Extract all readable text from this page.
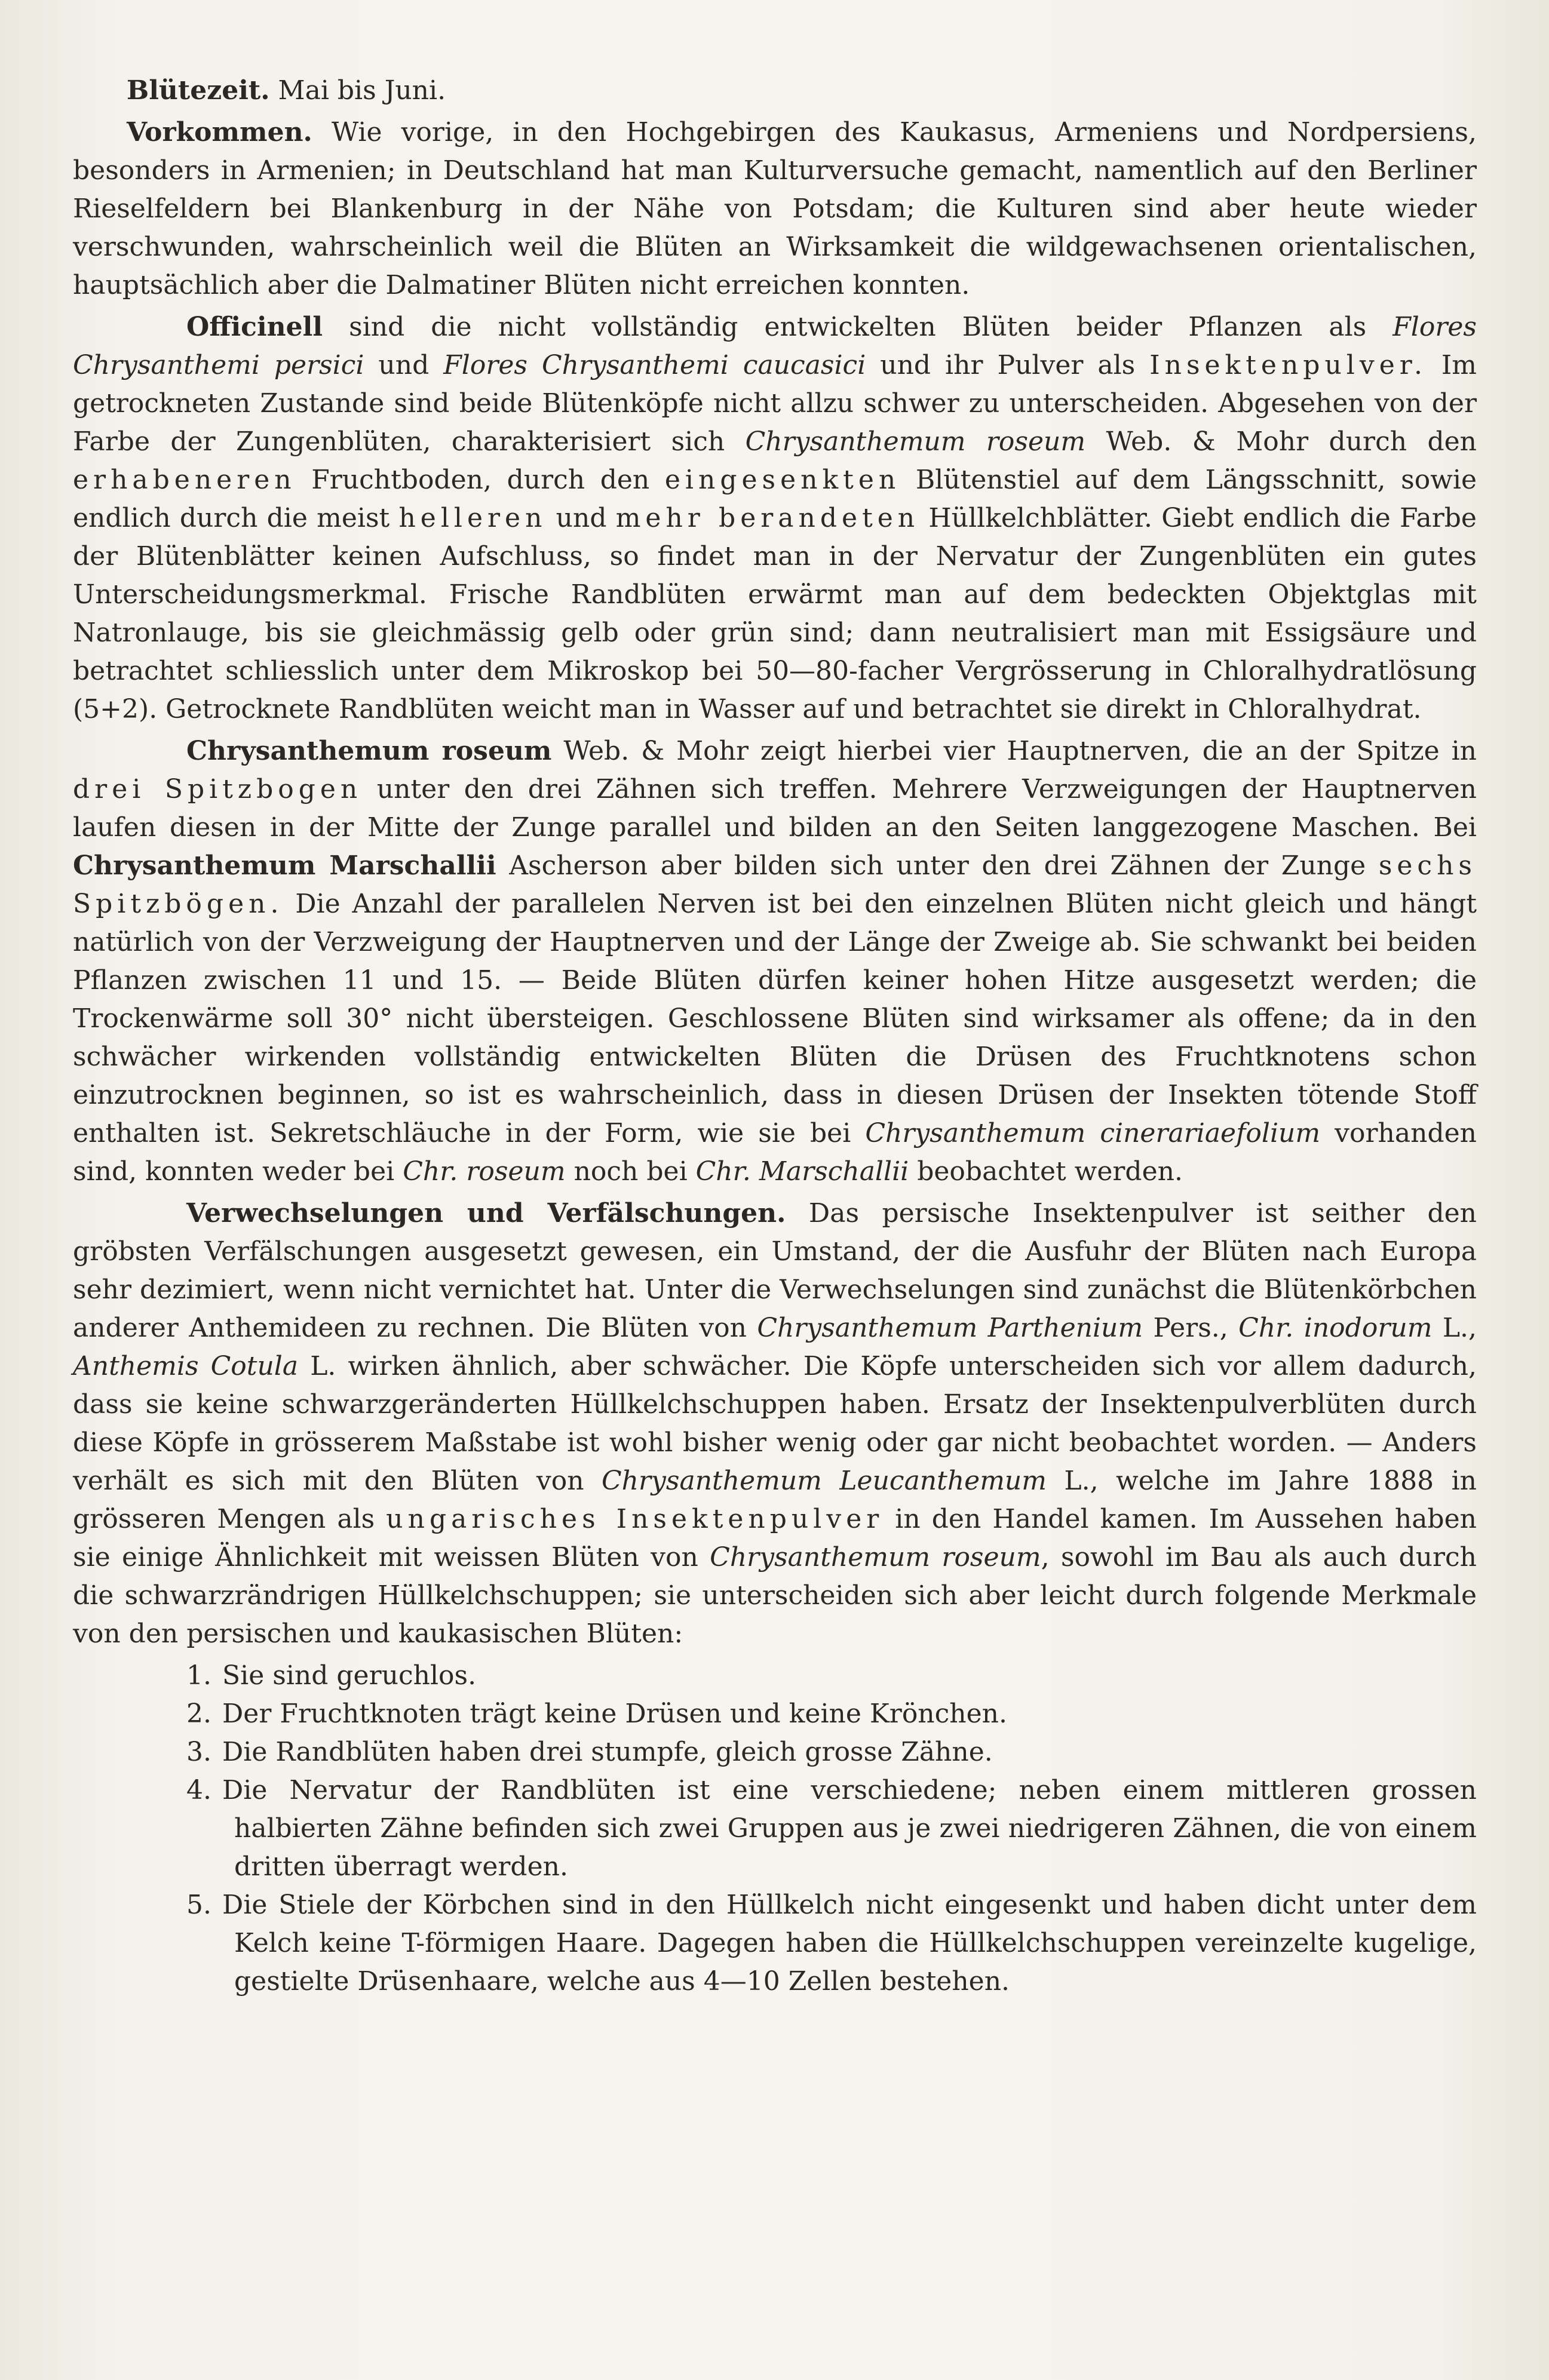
Blütezeit. Mai bis Juni.

Vorkommen. Wie vorige, in den Hochgebirgen des Kaukasus, Armeniens und Nordpersiens, besonders in Armenien; in Deutschland hat man Kulturversuche gemacht, namentlich auf den Berliner Rieselfeldern bei Blankenburg in der Nähe von Potsdam; die Kulturen sind aber heute wieder verschwunden, wahrscheinlich weil die Blüten an Wirksamkeit die wildgewachsenen orientalischen, hauptsächlich aber die Dalmatiner Blüten nicht erreichen konnten.

Officinell sind die nicht vollständig entwickelten Blüten beider Pflanzen als Flores Chrysanthemi persici und Flores Chrysanthemi caucasici und ihr Pulver als Insektenpulver. Im getrockneten Zustande sind beide Blütenköpfe nicht allzu schwer zu unterscheiden. Abgesehen von der Farbe der Zungenblüten, charakterisiert sich Chrysanthemum roseum Web. & Mohr durch den erhabeneren Fruchtboden, durch den eingesenkten Blütenstiel auf dem Längsschnitt, sowie endlich durch die meist helleren und mehr berandeten Hüllkelchblätter. Giebt endlich die Farbe der Blütenblätter keinen Aufschluss, so findet man in der Nervatur der Zungenblüten ein gutes Unterscheidungsmerkmal. Frische Randblüten erwärmt man auf dem bedeckten Objektglas mit Natronlauge, bis sie gleichmässig gelb oder grün sind; dann neutralisiert man mit Essigsäure und betrachtet schliesslich unter dem Mikroskop bei 50—80-facher Vergrösserung in Chloralhydratlösung (5+2). Getrocknete Randblüten weicht man in Wasser auf und betrachtet sie direkt in Chloralhydrat.

Chrysanthemum roseum Web. & Mohr zeigt hierbei vier Hauptnerven, die an der Spitze in drei Spitzbogen unter den drei Zähnen sich treffen. Mehrere Verzweigungen der Hauptnerven laufen diesen in der Mitte der Zunge parallel und bilden an den Seiten langgezogene Maschen. Bei Chrysanthemum Marschallii Ascherson aber bilden sich unter den drei Zähnen der Zunge sechs Spitzbögen. Die Anzahl der parallelen Nerven ist bei den einzelnen Blüten nicht gleich und hängt natürlich von der Verzweigung der Hauptnerven und der Länge der Zweige ab. Sie schwankt bei beiden Pflanzen zwischen 11 und 15. — Beide Blüten dürfen keiner hohen Hitze ausgesetzt werden; die Trockenwärme soll 30° nicht übersteigen. Geschlossene Blüten sind wirksamer als offene; da in den schwächer wirkenden vollständig entwickelten Blüten die Drüsen des Fruchtknotens schon einzutrocknen beginnen, so ist es wahrscheinlich, dass in diesen Drüsen der Insekten tötende Stoff enthalten ist. Sekretschläuche in der Form, wie sie bei Chrysanthemum cinerariaefolium vorhanden sind, konnten weder bei Chr. roseum noch bei Chr. Marschallii beobachtet werden.

Verwechselungen und Verfälschungen. Das persische Insektenpulver ist seither den gröbsten Verfälschungen ausgesetzt gewesen, ein Umstand, der die Ausfuhr der Blüten nach Europa sehr dezimiert, wenn nicht vernichtet hat. Unter die Verwechselungen sind zunächst die Blütenkörbchen anderer Anthemideen zu rechnen. Die Blüten von Chrysanthemum Parthenium Pers., Chr. inodorum L., Anthemis Cotula L. wirken ähnlich, aber schwächer. Die Köpfe unterscheiden sich vor allem dadurch, dass sie keine schwarzgeränderten Hüllkelchschuppen haben. Ersatz der Insektenpulverblüten durch diese Köpfe in grösserem Maßstabe ist wohl bisher wenig oder gar nicht beobachtet worden. — Anders verhält es sich mit den Blüten von Chrysanthemum Leucanthemum L., welche im Jahre 1888 in grösseren Mengen als ungarisches Insektenpulver in den Handel kamen. Im Aussehen haben sie einige Ähnlichkeit mit weissen Blüten von Chrysanthemum roseum, sowohl im Bau als auch durch die schwarzrändrigen Hüllkelchschuppen; sie unterscheiden sich aber leicht durch folgende Merkmale von den persischen und kaukasischen Blüten:

1. Sie sind geruchlos.
2. Der Fruchtknoten trägt keine Drüsen und keine Krönchen.
3. Die Randblüten haben drei stumpfe, gleich grosse Zähne.
4. Die Nervatur der Randblüten ist eine verschiedene; neben einem mittleren grossen halbierten Zähne befinden sich zwei Gruppen aus je zwei niedrigeren Zähnen, die von einem dritten überragt werden.
5. Die Stiele der Körbchen sind in den Hüllkelch nicht eingesenkt und haben dicht unter dem Kelch keine T-förmigen Haare. Dagegen haben die Hüllkelchschuppen vereinzelte kugelige, gestielte Drüsenhaare, welche aus 4—10 Zellen bestehen.
